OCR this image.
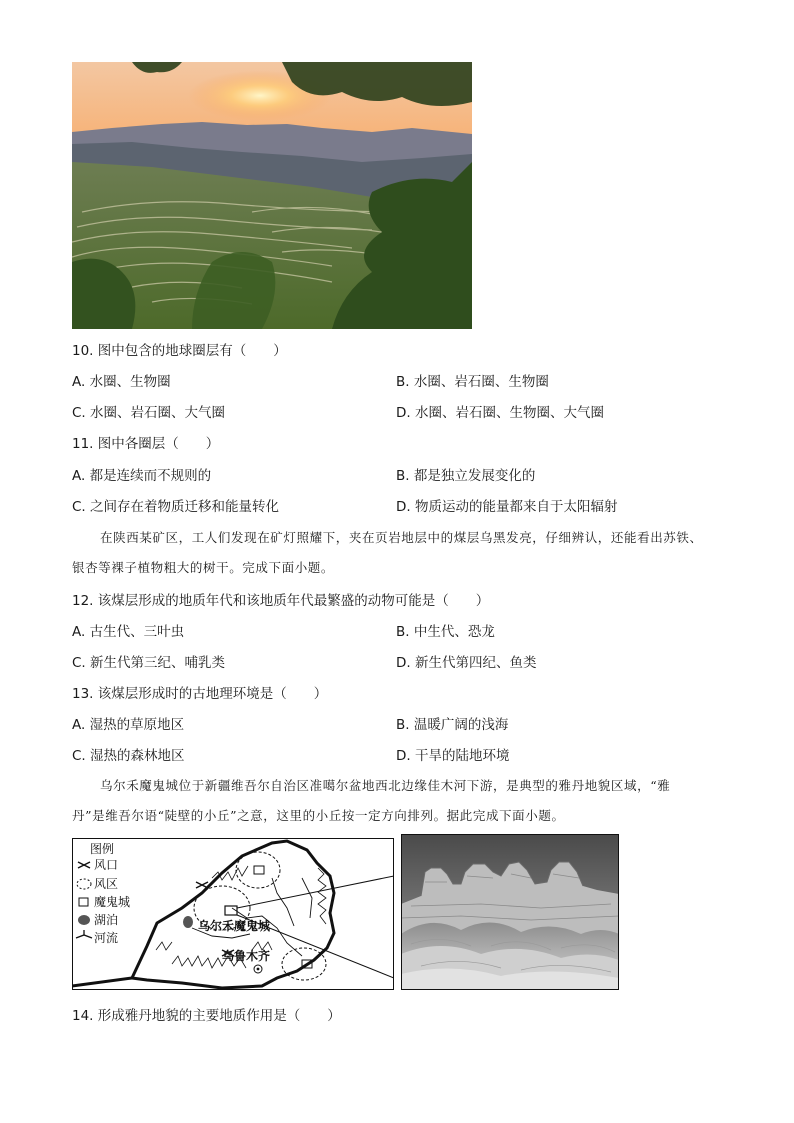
10. 图中包含的地球圈层有（　　）
A. 水圈、生物圈	B. 水圈、岩石圈、生物圈
C. 水圈、岩石圈、大气圈	D. 水圈、岩石圈、生物圈、大气圈
11. 图中各圈层（　　）
A. 都是连续而不规则的	B. 都是独立发展变化的
C. 之间存在着物质迁移和能量转化	D. 物质运动的能量都来自于太阳辐射
在陕西某矿区，工人们发现在矿灯照耀下，夹在页岩地层中的煤层乌黑发亮，仔细辨认，还能看出苏铁、
银杏等裸子植物粗大的树干。完成下面小题。
12. 该煤层形成的地质年代和该地质年代最繁盛的动物可能是（　　）
A. 古生代、三叶虫	B. 中生代、恐龙
C. 新生代第三纪、哺乳类	D. 新生代第四纪、鱼类
13. 该煤层形成时的古地理环境是（　　）
A. 湿热的草原地区	B. 温暖广阔的浅海
C. 湿热的森林地区	D. 干旱的陆地环境
乌尔禾魔鬼城位于新疆维吾尔自治区准噶尔盆地西北边缘佳木河下游，是典型的雅丹地貌区域，“雅
丹”是维吾尔语“陡壁的小丘”之意，这里的小丘按一定方向排列。据此完成下面小题。
图例
风口
风区
魔鬼城
湖泊
河流
乌尔禾魔鬼城
乌鲁木齐
14. 形成雅丹地貌的主要地质作用是（　　）
